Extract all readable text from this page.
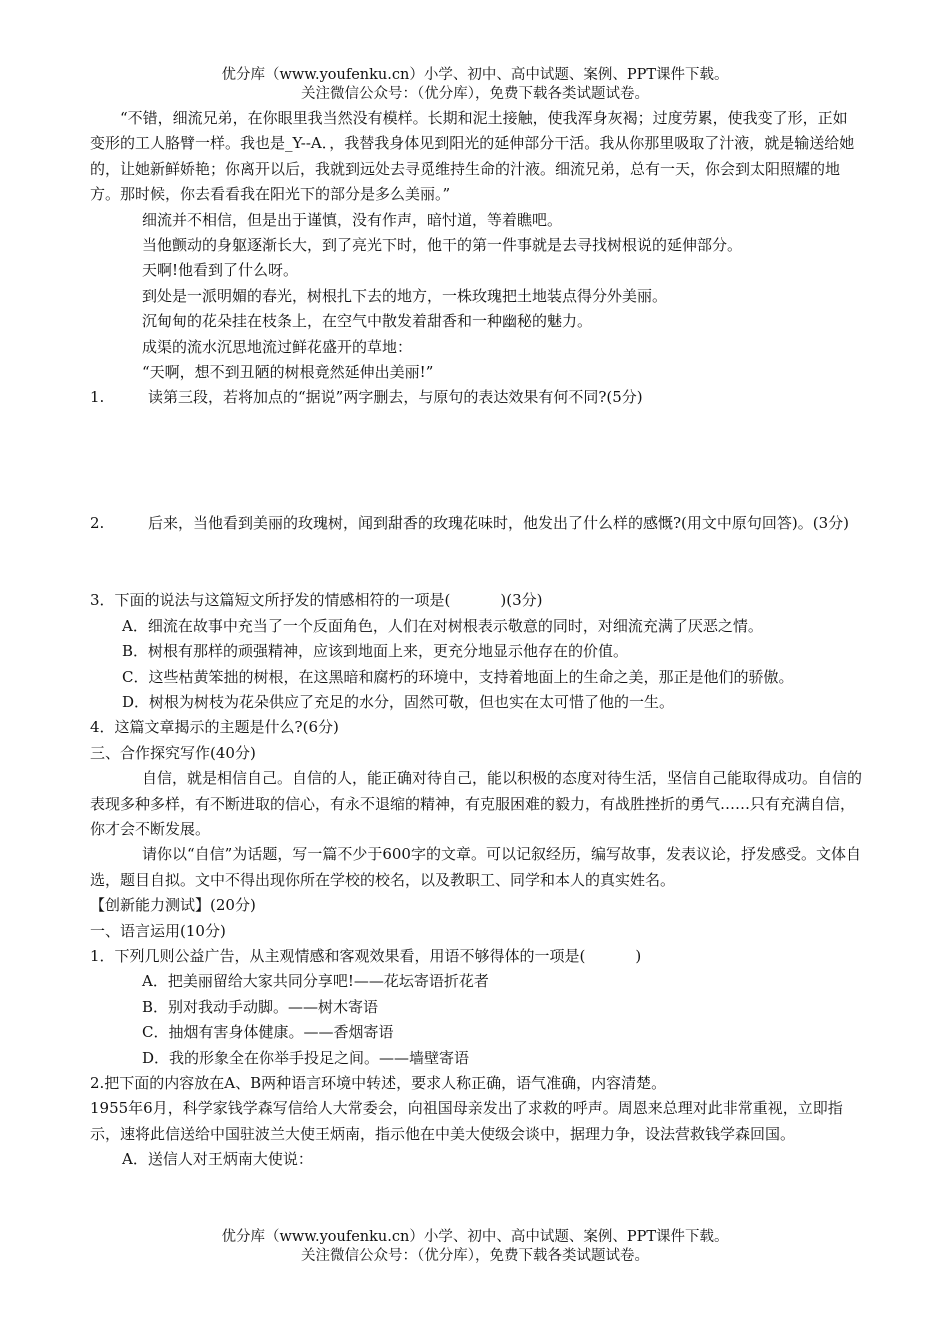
优分库（www.youfenku.cn）小学、初中、高中试题、案例、PPT课件下载。
关注微信公众号：（优分库），免费下载各类试题试卷。

“不错，细流兄弟，在你眼里我当然没有模样。长期和泥土接触，使我浑身灰褐；过度劳累，使我变了形，正如变形的工人胳臂一样。我也是_Y--A．，我替我身体见到阳光的延伸部分干活。我从你那里吸取了汁液，就是输送给她的，让她新鲜娇艳；你离开以后，我就到远处去寻觅维持生命的汁液。细流兄弟，总有一天，你会到太阳照耀的地方。那时候，你去看看我在阳光下的部分是多么美丽。”

细流并不相信，但是出于谨慎，没有作声，暗忖道，等着瞧吧。

当他颤动的身躯逐渐长大，到了亮光下时，他干的第一件事就是去寻找树根说的延伸部分。

天啊!他看到了什么呀。

到处是一派明媚的春光，树根扎下去的地方，一株玫瑰把土地装点得分外美丽。

沉甸甸的花朵挂在枝条上，在空气中散发着甜香和一种幽秘的魅力。

成渠的流水沉思地流过鲜花盛开的草地：

“天啊，想不到丑陋的树根竟然延伸出美丽!”

1.	读第三段，若将加点的“据说”两字删去，与原句的表达效果有何不同?(5分)

2.	后来，当他看到美丽的玫瑰树，闻到甜香的玫瑰花味时，他发出了什么样的感慨?(用文中原句回答)。(3分)

3．下面的说法与这篇短文所抒发的情感相符的一项是(	)(3分)

A．细流在故事中充当了一个反面角色，人们在对树根表示敬意的同时，对细流充满了厌恶之情。

B．树根有那样的顽强精神，应该到地面上来，更充分地显示他存在的价值。

C．这些枯黄笨拙的树根，在这黑暗和腐朽的环境中，支持着地面上的生命之美，那正是他们的骄傲。

D．树根为树枝为花朵供应了充足的水分，固然可敬，但也实在太可惜了他的一生。

4．这篇文章揭示的主题是什么?(6分)

三、合作探究写作(40分)

自信，就是相信自己。自信的人，能正确对待自己，能以积极的态度对待生活，坚信自己能取得成功。自信的表现多种多样，有不断进取的信心，有永不退缩的精神，有克服困难的毅力，有战胜挫折的勇气……只有充满自信，你才会不断发展。

请你以“自信”为话题，写一篇不少于600字的文章。可以记叙经历，编写故事，发表议论，抒发感受。文体自选，题目自拟。文中不得出现你所在学校的校名，以及教职工、同学和本人的真实姓名。

【创新能力测试】(20分)

一、语言运用(10分)

1．下列几则公益广告，从主观情感和客观效果看，用语不够得体的一项是(	)

A．把美丽留给大家共同分享吧!——花坛寄语折花者

B．别对我动手动脚。——树木寄语

C．抽烟有害身体健康。——香烟寄语

D．我的形象全在你举手投足之间。——墙壁寄语

2.把下面的内容放在A、B两种语言环境中转述，要求人称正确，语气准确，内容清楚。

1955年6月，科学家钱学森写信给人大常委会，向祖国母亲发出了求救的呼声。周恩来总理对此非常重视，立即指示，速将此信送给中国驻波兰大使王炳南，指示他在中美大使级会谈中，据理力争，设法营救钱学森回国。

A．送信人对王炳南大使说：

优分库（www.youfenku.cn）小学、初中、高中试题、案例、PPT课件下载。
关注微信公众号：（优分库），免费下载各类试题试卷。
